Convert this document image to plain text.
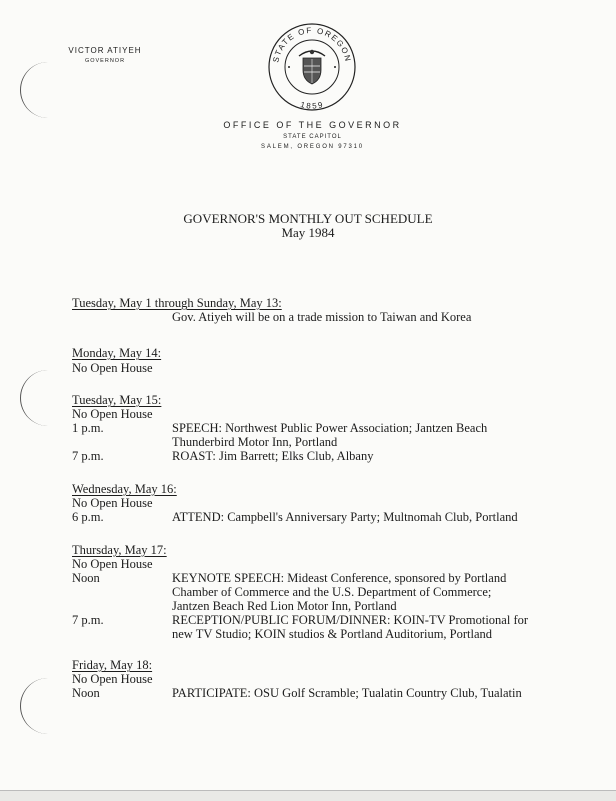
VICTOR ATIYEH
GOVERNOR	STATE OF OREGON
1859
OFFICE OF THE GOVERNOR
STATE CAPITOL
SALEM, OREGON 97310
GOVERNOR'S MONTHLY OUT SCHEDULE
May 1984
Tuesday, May 1 through Sunday, May 13:
Gov. Atiyeh will be on a trade mission to Taiwan and Korea
Monday, May 14:
No Open House
Tuesday, May 15:
No Open House
1 p.m.	SPEECH: Northwest Public Power Association; Jantzen Beach
Thunderbird Motor Inn, Portland
7 p.m.	ROAST: Jim Barrett; Elks Club, Albany
Wednesday, May 16:
No Open House
6 p.m.	ATTEND: Campbell's Anniversary Party; Multnomah Club, Portland
Thursday, May 17:
No Open House
Noon	KEYNOTE SPEECH: Mideast Conference, sponsored by Portland
Chamber of Commerce and the U.S. Department of Commerce;
Jantzen Beach Red Lion Motor Inn, Portland
7 p.m.	RECEPTION/PUBLIC FORUM/DINNER: KOIN-TV Promotional for
new TV Studio; KOIN studios & Portland Auditorium, Portland
Friday, May 18:
No Open House
Noon	PARTICIPATE: OSU Golf Scramble; Tualatin Country Club, Tualatin
